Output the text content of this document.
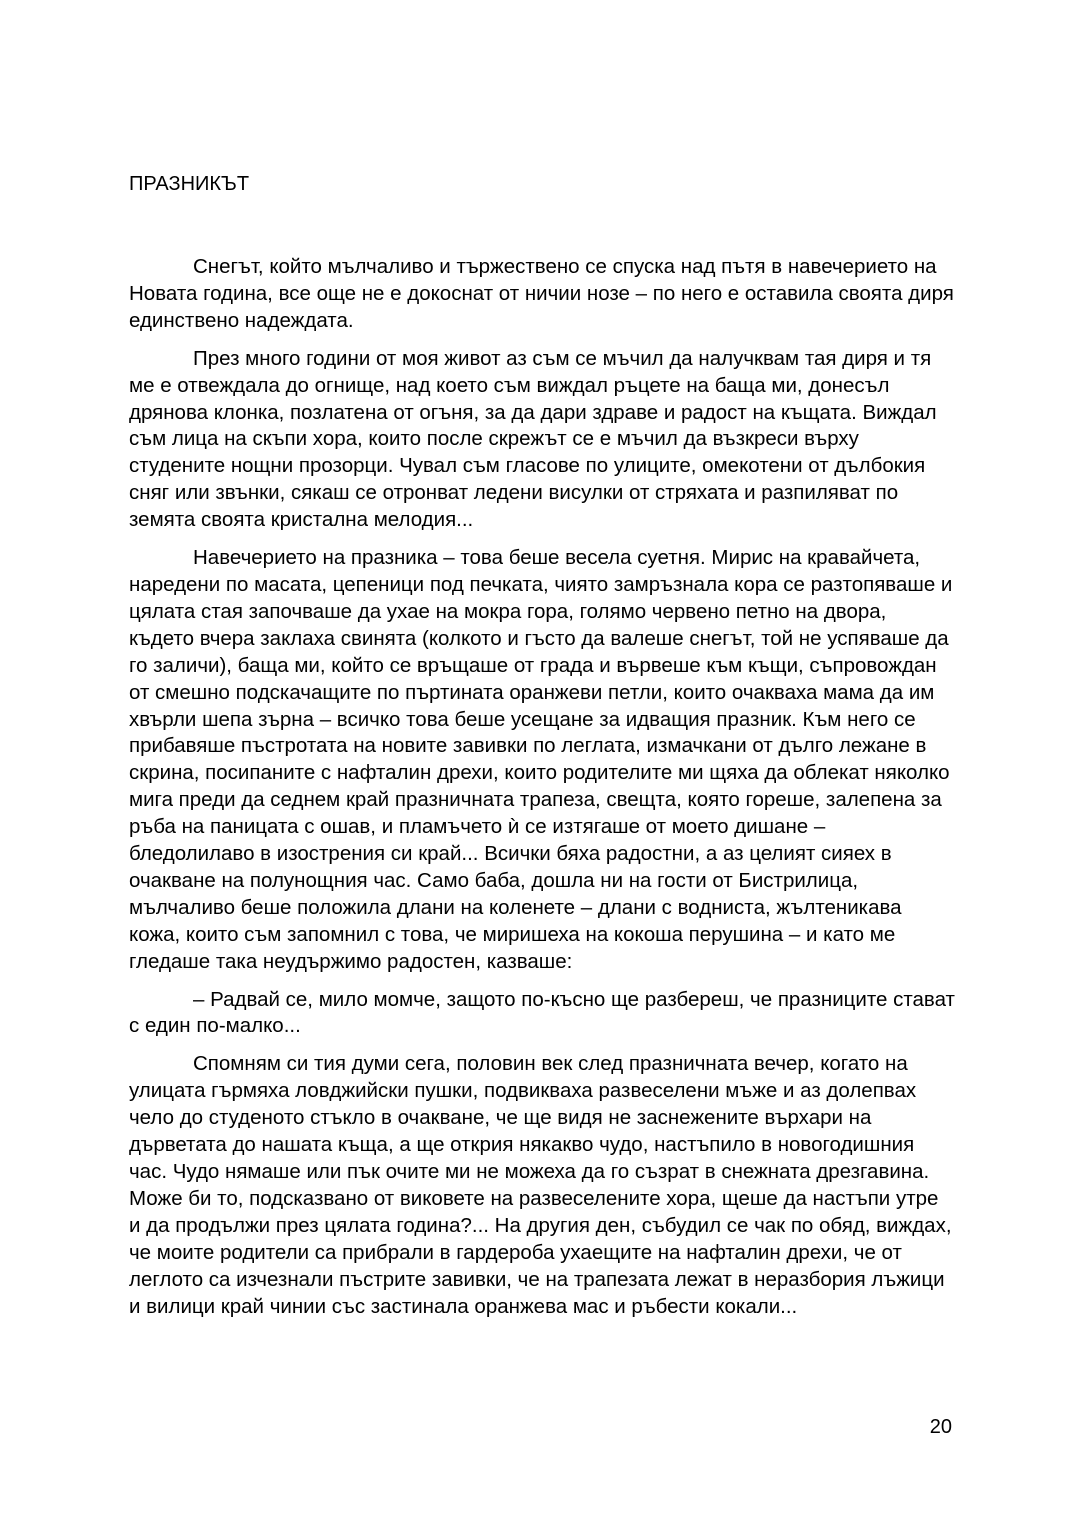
ПРАЗНИКЪТ

Снегът, който мълчаливо и тържествено се спуска над пътя в навечерието на Новата година, все още не е докоснат от ничии нозе – по него е оставила своята диря единствено надеждата.

През много години от моя живот аз съм се мъчил да налучквам тая диря и тя ме е отвеждала до огнище, над което съм виждал ръцете на баща ми, донесъл дрянова клонка, позлатена от огъня, за да дари здраве и радост на къщата. Виждал съм лица на скъпи хора, които после скрежът се е мъчил да възкреси върху студените нощни прозорци. Чувал съм гласове по улиците, омекотени от дълбокия сняг или звънки, сякаш се отронват ледени висулки от стряхата и разпиляват по земята своята кристална мелодия...

Навечерието на празника – това беше весела суетня. Мирис на кравайчета, наредени по масата, цепеници под печката, чиято замръзнала кора се разтопяваше и цялата стая започваше да ухае на мокра гора, голямо червено петно на двора, където вчера заклаха свинята (колкото и гъсто да валеше снегът, той не успяваше да го заличи), баща ми, който се връщаше от града и вървеше към къщи, съпровождан от смешно подскачащите по пъртината оранжеви петли, които очакваха мама да им хвърли шепа зърна – всичко това беше усещане за идващия празник. Към него се прибавяше пъстротата на новите завивки по леглата, измачкани от дълго лежане в скрина, посипаните с нафталин дрехи, които родителите ми щяха да облекат няколко мига преди да седнем край празничната трапеза, свещта, която гореше, залепена за ръба на паницата с ошав, и пламъчето ѝ се изтягаше от моето дишане – бледолилаво в изострения си край... Всички бяха радостни, а аз целият сияех в очакване на полунощния час. Само баба, дошла ни на гости от Бистрилица, мълчаливо беше положила длани на коленете – длани с воднистa, жълтеникава кожа, които съм запомнил с това, че миришеха на кокоша перушина – и като ме гледаше така неудържимо радостен, казваше:

– Радвай се, мило момче, защото по-късно ще разбереш, че празниците стават с един по-малко...

Спомням си тия думи сега, половин век след празничната вечер, когато на улицата гърмяха ловджийски пушки, подвикваха развеселени мъже и аз долепвах чело до студеното стъкло в очакване, че ще видя не заснежените върхари на дърветата до нашата къща, а ще открия някакво чудо, настъпило в новогодишния час. Чудо нямаше или пък очите ми не можеха да го съзрат в снежната дрезгавина. Може би то, подсказвано от виковете на развеселените хора, щеше да настъпи утре и да продължи през цялата година?... На другия ден, събудил се чак по обяд, виждах, че моите родители са прибрали в гардероба ухаещите на нафталин дрехи, че от леглото са изчезнали пъстрите завивки, че на трапезата лежат в неразбория лъжици и вилици край чинии със застинала оранжева мас и ръбести кокали...

20
